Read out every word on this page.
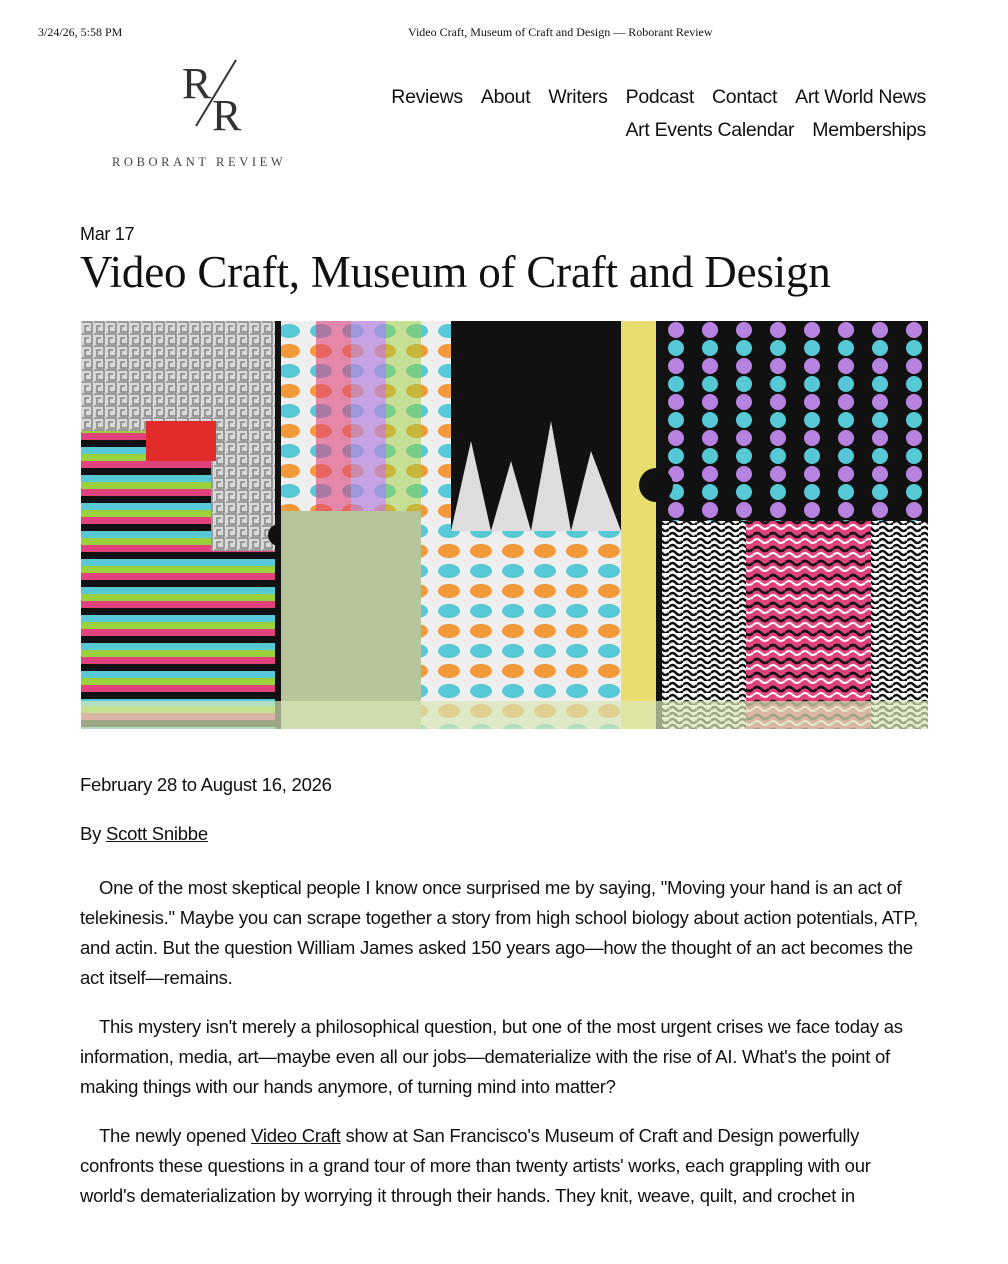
3/24/26, 5:58 PM	Video Craft, Museum of Craft and Design — Roborant Review
R
R
ROBORANT REVIEW
Reviews About Writers Podcast Contact Art World News
Art Events Calendar Memberships
Mar 17
Video Craft, Museum of Craft and Design
February 28 to August 16, 2026
By Scott Snibbe

One of the most skeptical people I know once surprised me by saying, "Moving your hand is an act of telekinesis." Maybe you can scrape together a story from high school biology about action potentials, ATP, and actin. But the question William James asked 150 years ago—how the thought of an act becomes the act itself—remains.

This mystery isn't merely a philosophical question, but one of the most urgent crises we face today as information, media, art—maybe even all our jobs—dematerialize with the rise of AI. What's the point of making things with our hands anymore, of turning mind into matter?

The newly opened Video Craft show at San Francisco's Museum of Craft and Design powerfully confronts these questions in a grand tour of more than twenty artists' works, each grappling with our world's dematerialization by worrying it through their hands. They knit, weave, quilt, and crochet in
